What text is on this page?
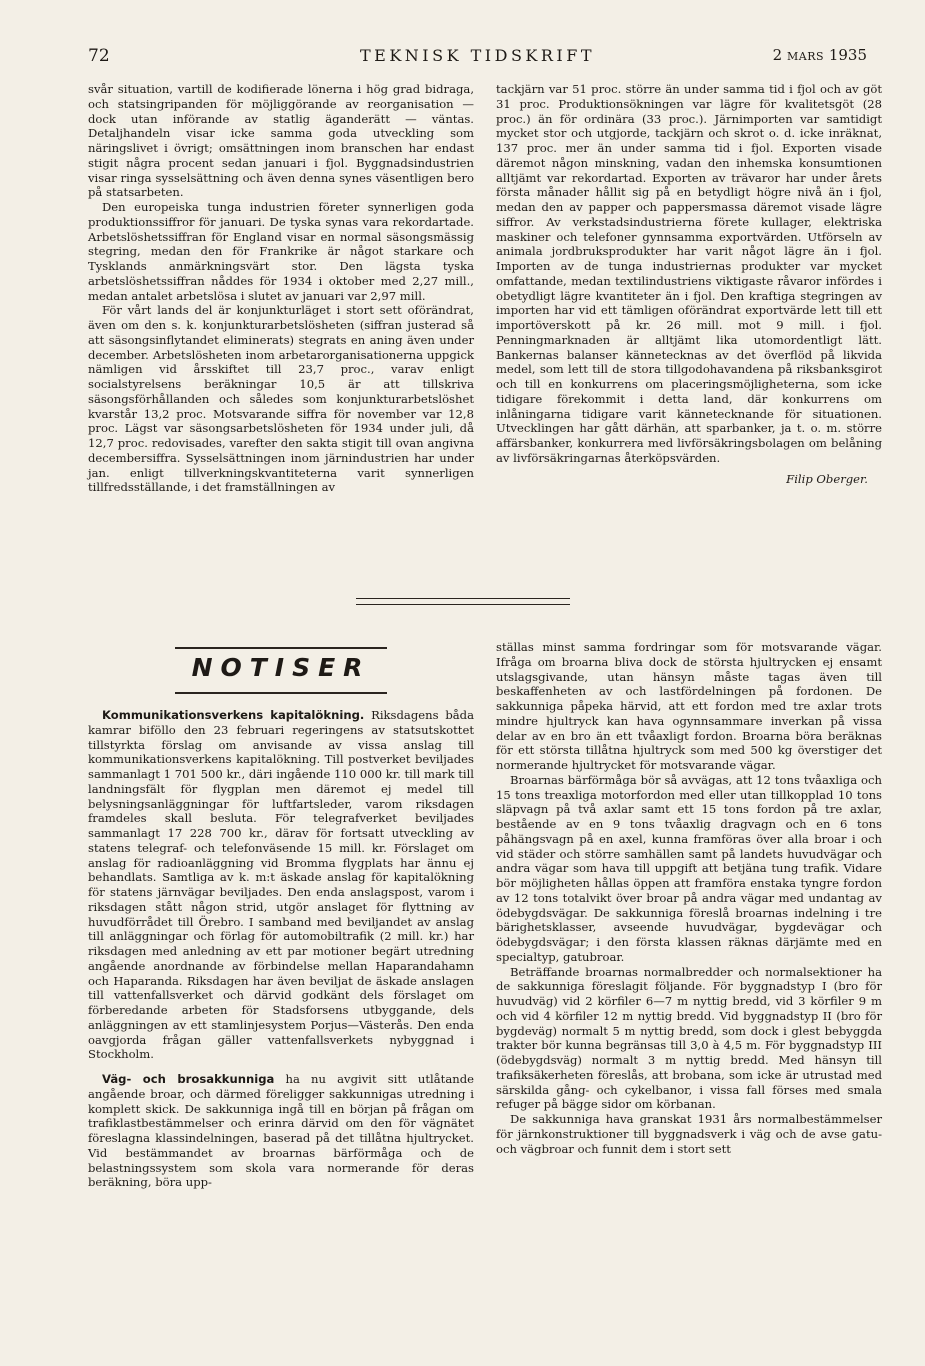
72	TEKNISK TIDSKRIFT	2 MARS 1935

svår situation, vartill de kodifierade lönerna i hög grad bidraga, och statsingripanden för möjliggörande av reorganisation — dock utan införande av statlig äganderätt — väntas. Detaljhandeln visar icke samma goda utveckling som näringslivet i övrigt; omsättningen inom branschen har endast stigit några procent sedan januari i fjol. Byggnadsindustrien visar ringa sysselsättning och även denna synes väsentligen bero på statsarbeten.

Den europeiska tunga industrien företer synnerligen goda produktionssiffror för januari. De tyska synas vara rekordartade. Arbetslöshetssiffran för England visar en normal säsongsmässig stegring, medan den för Frankrike är något starkare och Tysklands anmärkningsvärt stor. Den lägsta tyska arbetslöshetssiffran nåddes för 1934 i oktober med 2,27 mill., medan antalet arbetslösa i slutet av januari var 2,97 mill.

För vårt lands del är konjunkturläget i stort sett oförändrat, även om den s. k. konjunkturarbetslösheten (siffran justerad så att säsongsinflytandet eliminerats) stegrats en aning även under december. Arbetslösheten inom arbetarorganisationerna uppgick nämligen vid årsskiftet till 23,7 proc., varav enligt socialstyrelsens beräkningar 10,5 är att tillskriva säsongsförhållanden och således som konjunkturarbetslöshet kvarstår 13,2 proc. Motsvarande siffra för november var 12,8 proc. Lägst var säsongsarbetslösheten för 1934 under juli, då 12,7 proc. redovisades, varefter den sakta stigit till ovan angivna decembersiffra. Sysselsättningen inom järnindustrien har under jan. enligt tillverkningskvantiteterna varit synnerligen tillfredsställande, i det framställningen av

tackjärn var 51 proc. större än under samma tid i fjol och av göt 31 proc. Produktionsökningen var lägre för kvalitetsgöt (28 proc.) än för ordinära (33 proc.). Järnimporten var samtidigt mycket stor och utgjorde, tackjärn och skrot o. d. icke inräknat, 137 proc. mer än under samma tid i fjol. Exporten visade däremot någon minskning, vadan den inhemska konsumtionen alltjämt var rekordartad. Exporten av trävaror har under årets första månader hållit sig på en betydligt högre nivå än i fjol, medan den av papper och pappersmassa däremot visade lägre siffror. Av verkstadsindustrierna förete kullager, elektriska maskiner och telefoner gynnsamma exportvärden. Utförseln av animala jordbruksprodukter har varit något lägre än i fjol. Importen av de tunga industriernas produkter var mycket omfattande, medan textilindustriens viktigaste råvaror infördes i obetydligt lägre kvantiteter än i fjol. Den kraftiga stegringen av importen har vid ett tämligen oförändrat exportvärde lett till ett importöverskott på kr. 26 mill. mot 9 mill. i fjol. Penningmarknaden är alltjämt lika utomordentligt lätt. Bankernas balanser kännetecknas av det överflöd på likvida medel, som lett till de stora tillgodohavandena på riksbanksgirot och till en konkurrens om placeringsmöjligheterna, som icke tidigare förekommit i detta land, där konkurrens om inlåningarna tidigare varit kännetecknande för situationen. Utvecklingen har gått därhän, att sparbanker, ja t. o. m. större affärsbanker, konkurrera med livförsäkringsbolagen om belåning av livförsäkringarnas återköpsvärden.

Filip Oberger.
NOTISER

Kommunikationsverkens kapitalökning. Riksdagens båda kamrar biföllo den 23 februari regeringens av statsutskottet tillstyrkta förslag om anvisande av vissa anslag till kommunikationsverkens kapitalökning. Till postverket beviljades sammanlagt 1 701 500 kr., däri ingående 110 000 kr. till mark till landningsfält för flygplan men däremot ej medel till belysningsanläggningar för luftfartsleder, varom riksdagen framdeles skall besluta. För telegrafverket beviljades sammanlagt 17 228 700 kr., därav för fortsatt utveckling av statens telegraf- och telefonväsende 15 mill. kr. Förslaget om anslag för radioanläggning vid Bromma flygplats har ännu ej behandlats. Samtliga av k. m:t äskade anslag för kapitalökning för statens järnvägar beviljades. Den enda anslagspost, varom i riksdagen stått någon strid, utgör anslaget för flyttning av huvudförrådet till Örebro. I samband med beviljandet av anslag till anläggningar och förlag för automobiltrafik (2 mill. kr.) har riksdagen med anledning av ett par motioner begärt utredning angående anordnande av förbindelse mellan Haparandahamn och Haparanda. Riksdagen har även beviljat de äskade anslagen till vattenfallsverket och därvid godkänt dels förslaget om förberedande arbeten för Stadsforsens utbyggande, dels anläggningen av ett stamlinjesystem Porjus—Västerås. Den enda oavgjorda frågan gäller vattenfallsverkets nybyggnad i Stockholm.

Väg- och brosakkunniga ha nu avgivit sitt utlåtande angående broar, och därmed föreligger sakkunnigas utredning i komplett skick. De sakkunniga ingå till en början på frågan om trafiklastbestämmelser och erinra därvid om den för vägnätet föreslagna klassindelningen, baserad på det tillåtna hjultrycket. Vid bestämmandet av broarnas bärförmåga och de belastningssystem som skola vara normerande för deras beräkning, böra upp-

ställas minst samma fordringar som för motsvarande vägar. Ifråga om broarna bliva dock de största hjultrycken ej ensamt utslagsgivande, utan hänsyn måste tagas även till beskaffenheten av och lastfördelningen på fordonen. De sakkunniga påpeka härvid, att ett fordon med tre axlar trots mindre hjultryck kan hava ogynnsammare inverkan på vissa delar av en bro än ett tvåaxligt fordon. Broarna böra beräknas för ett största tillåtna hjultryck som med 500 kg överstiger det normerande hjultrycket för motsvarande vägar.

Broarnas bärförmåga bör så avvägas, att 12 tons tvåaxliga och 15 tons treaxliga motorfordon med eller utan tillkopplad 10 tons släpvagn på två axlar samt ett 15 tons fordon på tre axlar, bestående av en 9 tons tvåaxlig dragvagn och en 6 tons påhängsvagn på en axel, kunna framföras över alla broar i och vid städer och större samhällen samt på landets huvudvägar och andra vägar som hava till uppgift att betjäna tung trafik. Vidare bör möjligheten hållas öppen att framföra enstaka tyngre fordon av 12 tons totalvikt över broar på andra vägar med undantag av ödebygdsvägar. De sakkunniga föreslå broarnas indelning i tre bärighetsklasser, avseende huvudvägar, bygdevägar och ödebygdsvägar; i den första klassen räknas därjämte med en specialtyp, gatubroar.

Beträffande broarnas normalbredder och normalsektioner ha de sakkunniga föreslagit följande. För byggnadstyp I (bro för huvudväg) vid 2 körfiler 6—7 m nyttig bredd, vid 3 körfiler 9 m och vid 4 körfiler 12 m nyttig bredd. Vid byggnadstyp II (bro för bygdeväg) normalt 5 m nyttig bredd, som dock i glest bebyggda trakter bör kunna begränsas till 3,0 à 4,5 m. För byggnadstyp III (ödebygdsväg) normalt 3 m nyttig bredd. Med hänsyn till trafiksäkerheten föreslås, att brobana, som icke är utrustad med särskilda gång- och cykelbanor, i vissa fall förses med smala refuger på bägge sidor om körbanan.

De sakkunniga hava granskat 1931 års normalbestämmelser för järnkonstruktioner till byggnadsverk i väg och de avse gatu- och vägbroar och funnit dem i stort sett
